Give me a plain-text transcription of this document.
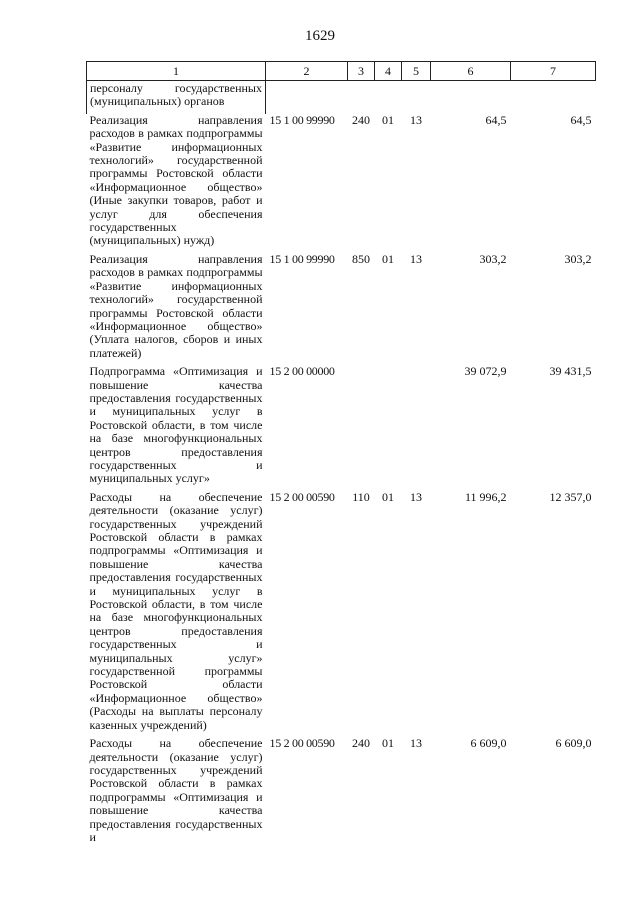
1629
1	2	3	4	5	6	7
персоналу государственных (муниципальных) органов						
Реализация направления расходов в рамках подпрограммы «Развитие информационных технологий» государственной программы Ростовской области «Информационное общество» (Иные закупки товаров, работ и услуг для обеспечения государственных (муниципальных) нужд)	15 1 00 99990	240	01	13	64,5	64,5
Реализация направления расходов в рамках подпрограммы «Развитие информационных технологий» государственной программы Ростовской области «Информационное общество» (Уплата налогов, сборов и иных платежей)	15 1 00 99990	850	01	13	303,2	303,2
Подпрограмма «Оптимизация и повышение качества предоставления государственных и муниципальных услуг в Ростовской области, в том числе на базе многофункциональных центров предоставления государственных и муниципальных услуг»	15 2 00 00000				39 072,9	39 431,5
Расходы на обеспечение деятельности (оказание услуг) государственных учреждений Ростовской области в рамках подпрограммы «Оптимизация и повышение качества предоставления государственных и муниципальных услуг в Ростовской области, в том числе на базе многофункциональных центров предоставления государственных и муниципальных услуг» государственной программы Ростовской области «Информационное общество» (Расходы на выплаты персоналу казенных учреждений)	15 2 00 00590	110	01	13	11 996,2	12 357,0
Расходы на обеспечение деятельности (оказание услуг) государственных учреждений Ростовской области в рамках подпрограммы «Оптимизация и повышение качества предоставления государственных и	15 2 00 00590	240	01	13	6 609,0	6 609,0
